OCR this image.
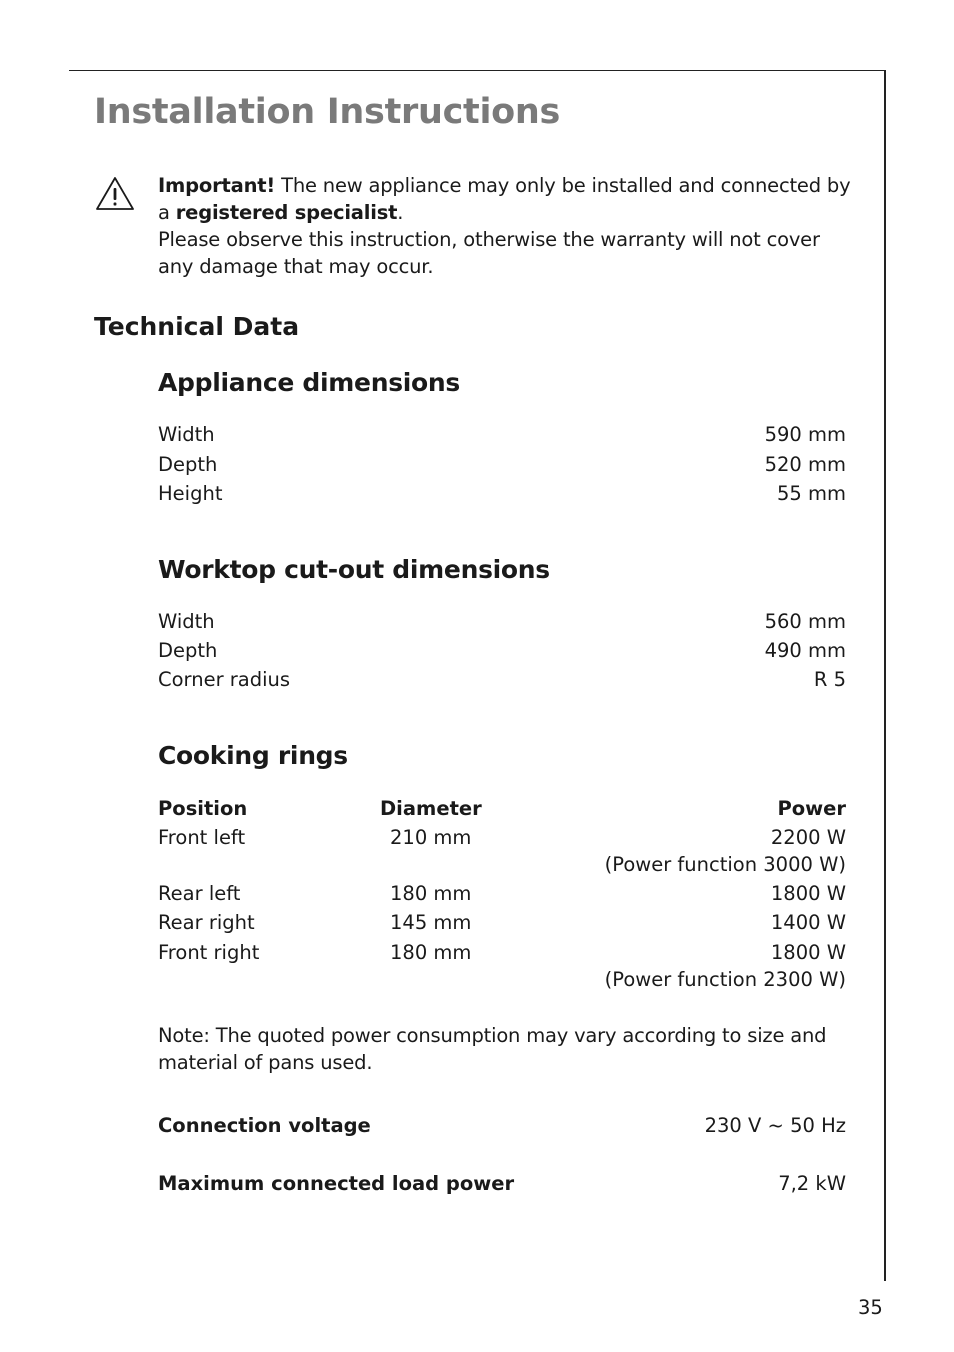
Installation Instructions

Important! The new appliance may only be installed and connected by a registered specialist.
Please observe this instruction, otherwise the warranty will not cover any damage that may occur.

Technical Data
Appliance dimensions
Width	590 mm
Depth	520 mm
Height	55 mm
Worktop cut-out dimensions
Width	560 mm
Depth	490 mm
Corner radius	R 5
Cooking rings
Position	Diameter	Power
Front left	210 mm	2200 W
(Power function 3000 W)
Rear left	180 mm	1800 W
Rear right	145 mm	1400 W
Front right	180 mm	1800 W
(Power function 2300 W)

Note: The quoted power consumption may vary according to size and material of pans used.

Connection voltage	230 V ~ 50 Hz
Maximum connected load power	7,2 kW
35
